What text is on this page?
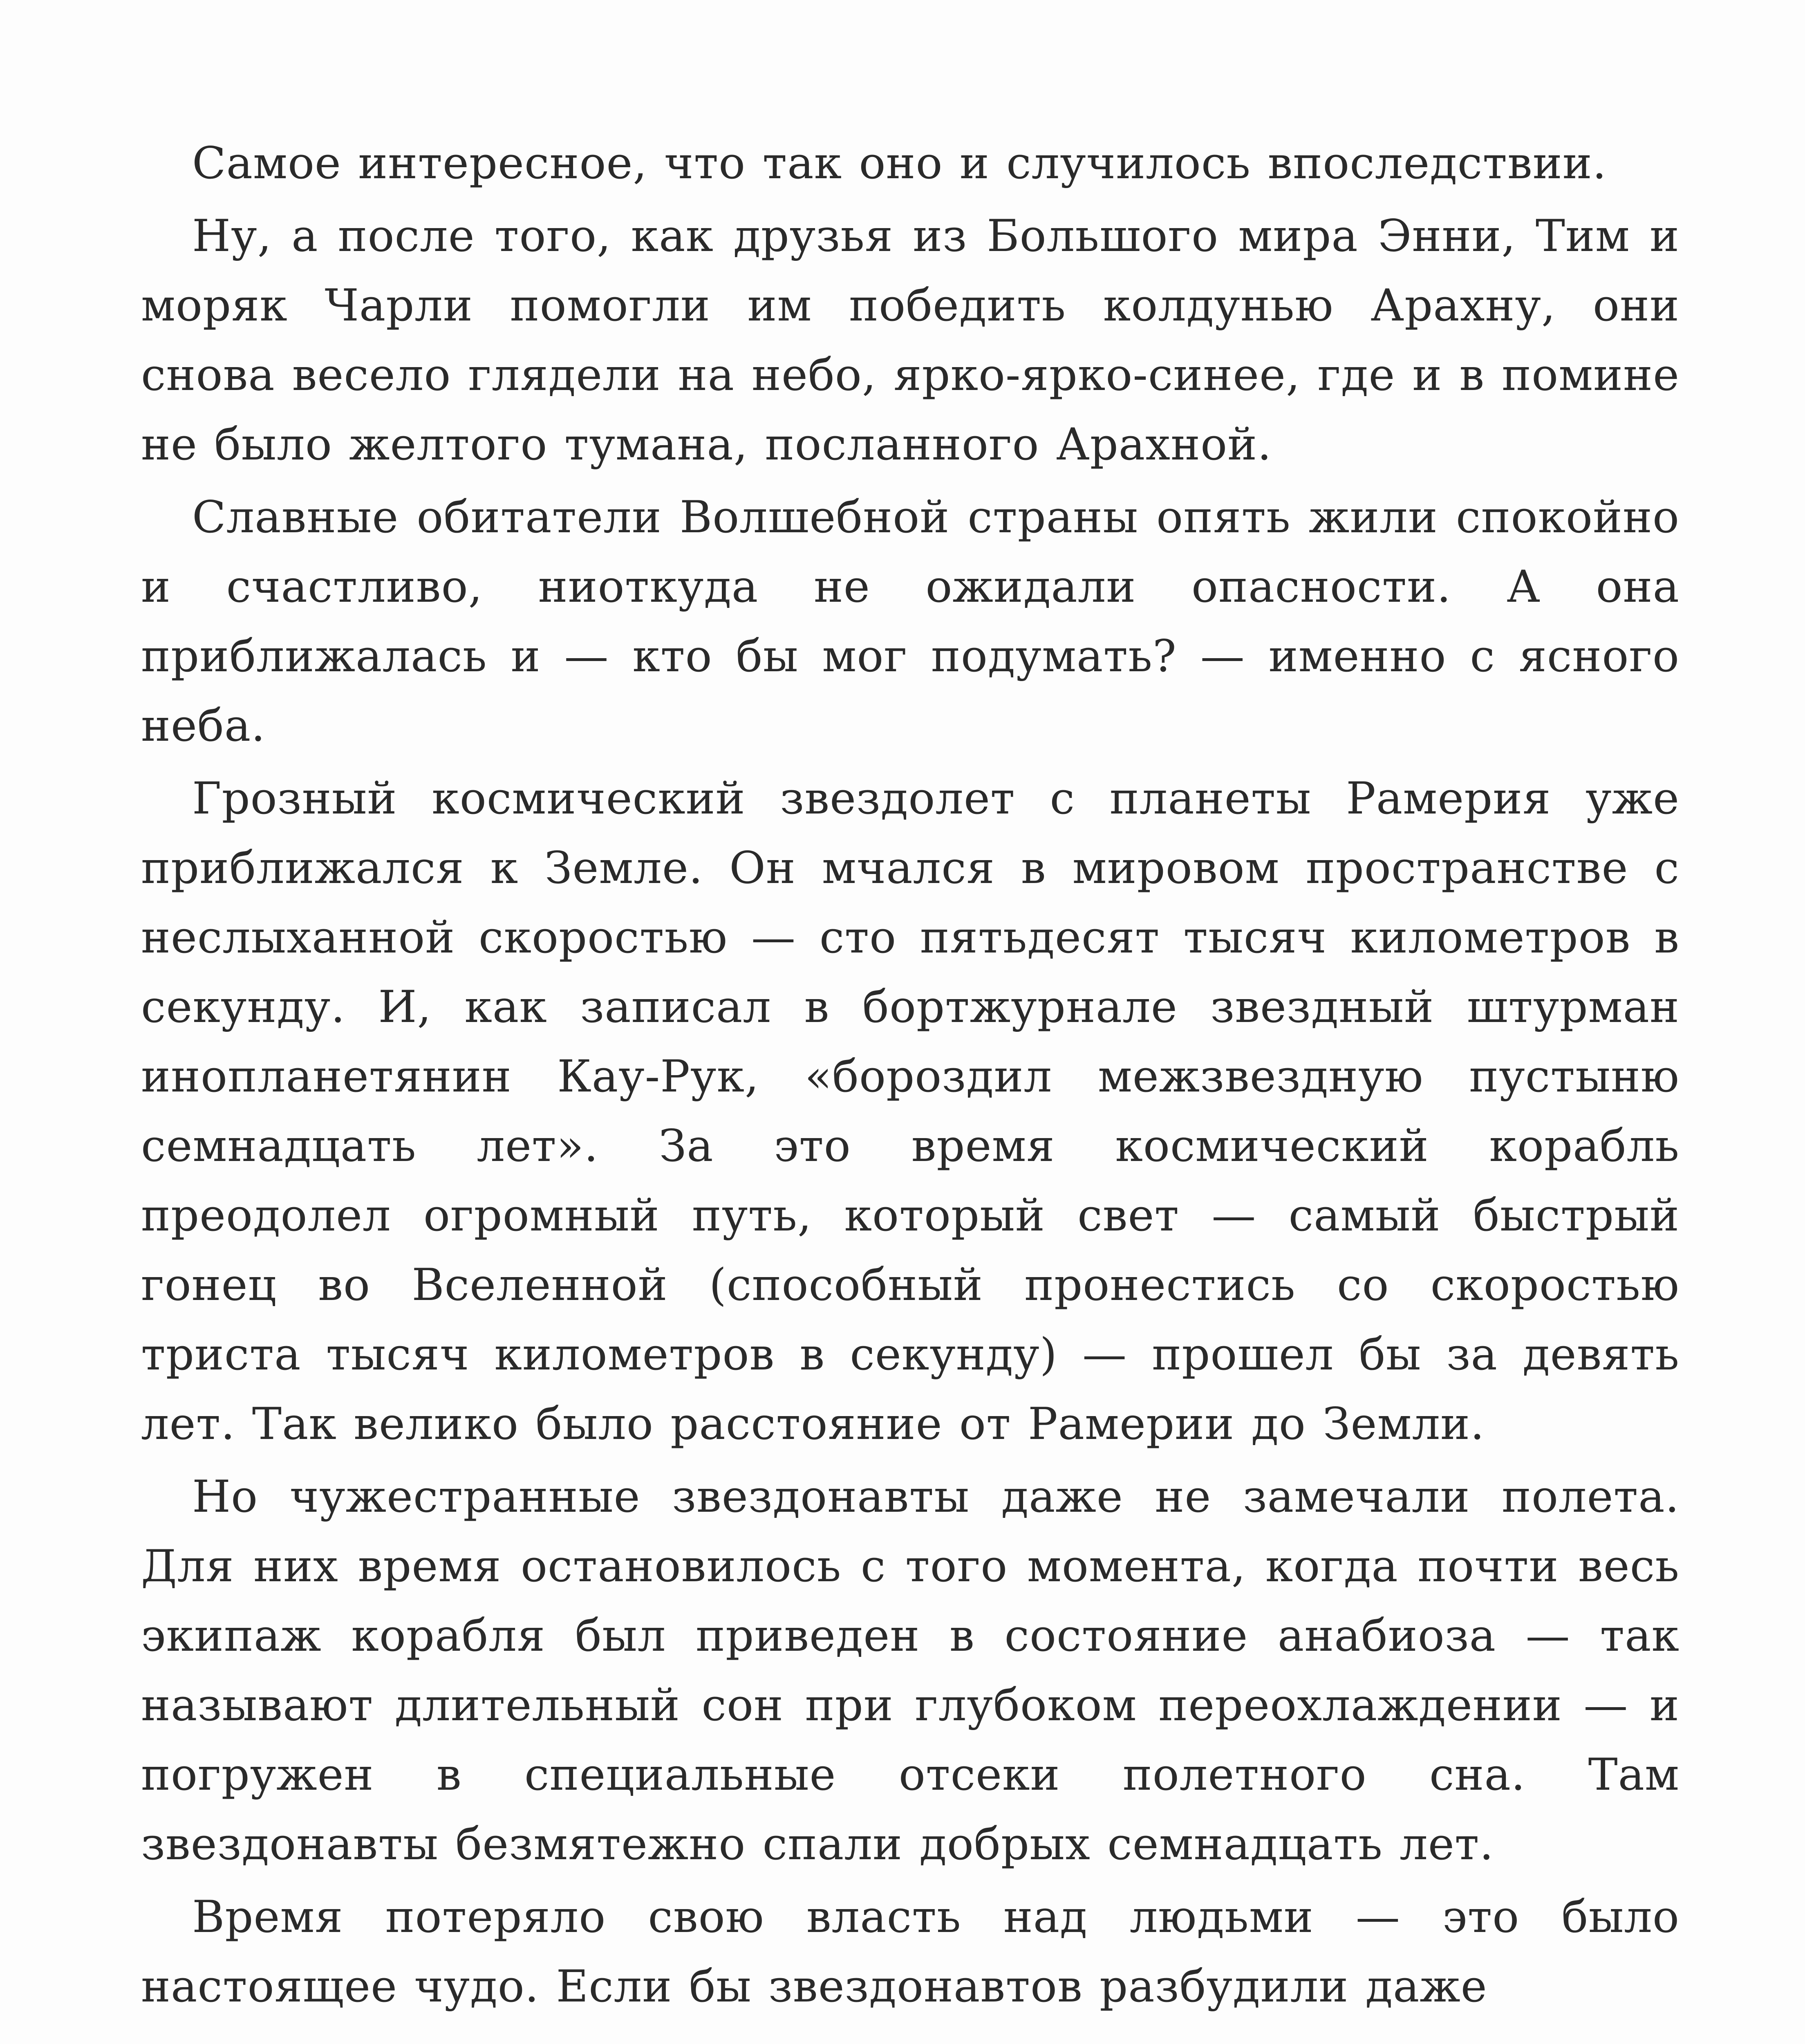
Самое интересное, что так оно и случилось впоследствии.

Ну, а после того, как друзья из Большого мира Энни, Тим и моряк Чарли помогли им победить колдунью Арахну, они снова весело глядели на небо, ярко-ярко-синее, где и в помине не было желтого тумана, посланного Арахной.

Славные обитатели Волшебной страны опять жили спокойно и счастливо, ниоткуда не ожидали опасности. А она приближалась и — кто бы мог подумать? — именно с ясного неба.

Грозный космический звездолет с планеты Рамерия уже приближался к Земле. Он мчался в мировом пространстве с неслыханной скоростью — сто пятьдесят тысяч километров в секунду. И, как записал в бортжурнале звездный штурман инопланетянин Кау-Рук, «бороздил межзвездную пустыню семнадцать лет». За это время космический корабль преодолел огромный путь, который свет — самый быстрый гонец во Вселенной (способный пронестись со скоростью триста тысяч километров в секунду) — прошел бы за девять лет. Так велико было расстояние от Рамерии до Земли.

Но чужестранные звездонавты даже не замечали полета. Для них время остановилось с того момента, когда почти весь экипаж корабля был приведен в состояние анабиоза — так называют длительный сон при глубоком переохлаждении — и погружен в специальные отсеки полетного сна. Там звездонавты безмятежно спали добрых семнадцать лет.

Время потеряло свою власть над людьми — это было настоящее чудо. Если бы звездонавтов разбудили даже
